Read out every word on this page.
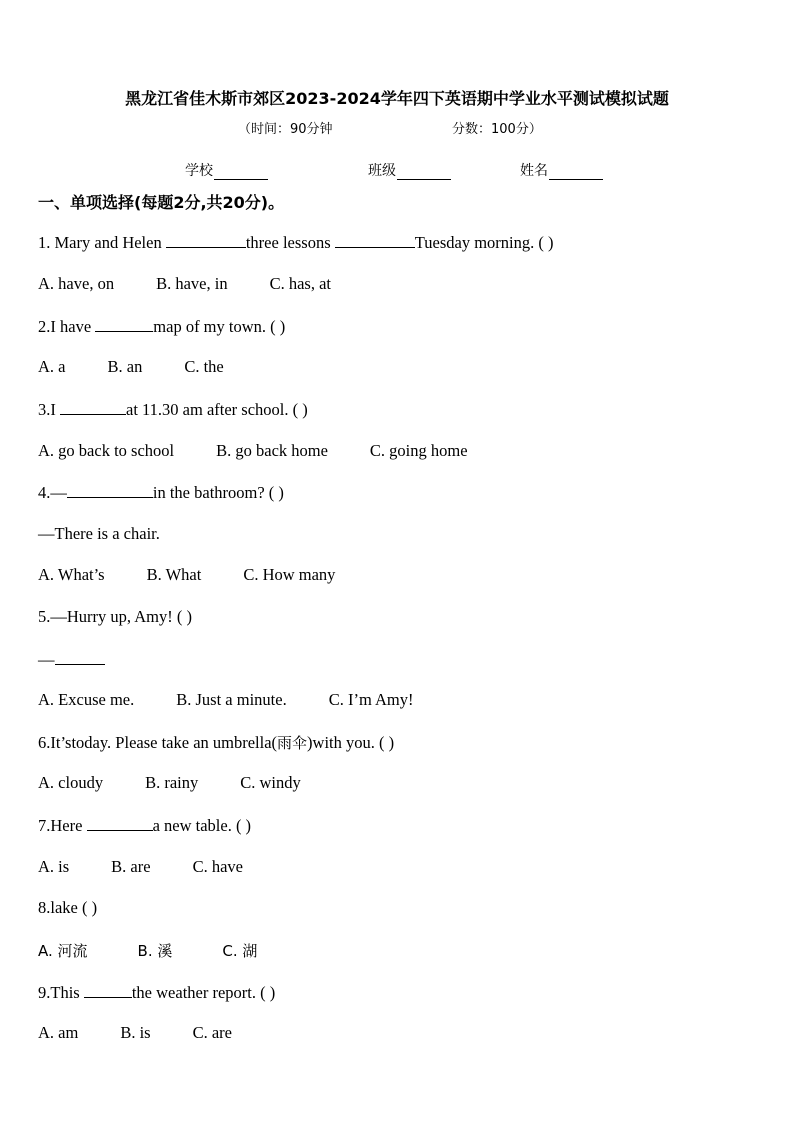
黑龙江省佳木斯市郊区2023-2024学年四下英语期中学业水平测试模拟试题
（时间：90分钟	分数：100分）
学校	班级	姓名
一、单项选择(每题2分,共20分)。
1. Mary and Helen	three lessons	Tuesday morning. ( )
A. have, on	B. have, in	C. has, at
2.I have	map of my town. ( )
A. a	B. an	C. the
3.I	at 11.30 am after school. ( )
A. go back to school	B. go back home	C. going home
4.—	in the bathroom? ( )
—There is a chair.
A. What’s	B. What	C. How many
5.—Hurry up, Amy! ( )
—
A. Excuse me.	B. Just a minute.	C. I’m Amy!
6.It’stoday. Please take an umbrella(雨伞)with you. ( )
A. cloudy	B. rainy	C. windy
7.Here	a new table. ( )
A. is	B. are	C. have
8.lake ( )
A. 河流	B. 溪	C. 湖
9.This	the weather report. ( )
A. am	B. is	C. are
